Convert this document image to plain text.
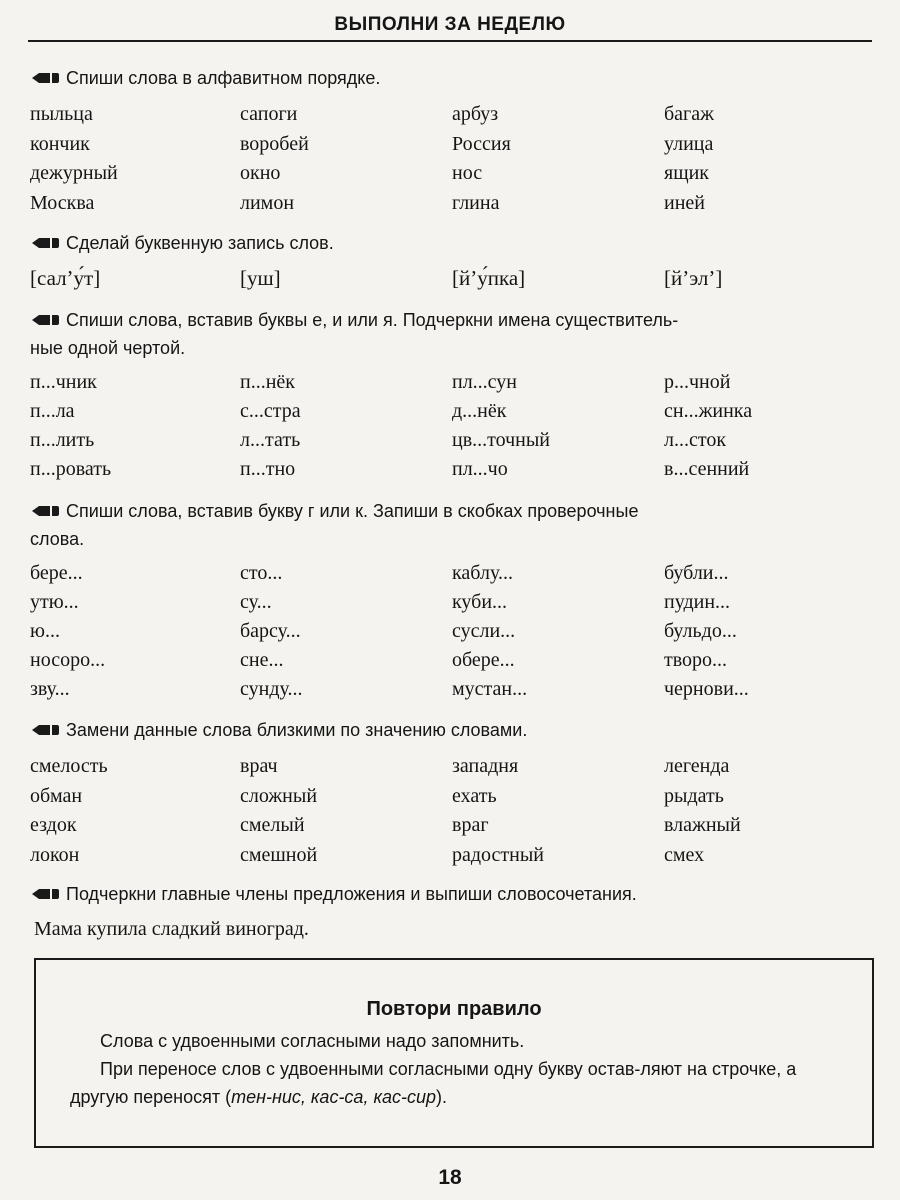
ВЫПОЛНИ ЗА НЕДЕЛЮ
Спиши слова в алфавитном порядке.
пыльца	сапоги	арбуз	багаж
кончик	воробей	Россия	улица
дежурный	окно	нос	ящик
Москва	лимон	глина	иней
Сделай буквенную запись слов.
[сал’у́т]	[уш]	[й’у́пка]	[й’эл’]
Спиши слова, вставив буквы е, и или я. Подчеркни имена существитель-
ные одной чертой.
п...чник	п...нёк	пл...сун	р...чной
п...ла	с...стра	д...нёк	сн...жинка
п...лить	л...тать	цв...точный	л...сток
п...ровать	п...тно	пл...чо	в...сенний
Спиши слова, вставив букву г или к. Запиши в скобках проверочные
слова.
бере...	сто...	каблу...	бубли...
утю...	су...	куби...	пудин...
ю...	барсу...	сусли...	бульдо...
носоро...	сне...	обере...	творо...
зву...	сунду...	мустан...	чернови...
Замени данные слова близкими по значению словами.
смелость	врач	западня	легенда
обман	сложный	ехать	рыдать
ездок	смелый	враг	влажный
локон	смешной	радостный	смех
Подчеркни главные члены предложения и выпиши словосочетания.
Мама купила сладкий виноград.
Повтори правило

Слова с удвоенными согласными надо запомнить.

При переносе слов с удвоенными согласными одну букву остав-ляют на строчке, а другую переносят (тен-нис, кас-са, кас-сир).

18
